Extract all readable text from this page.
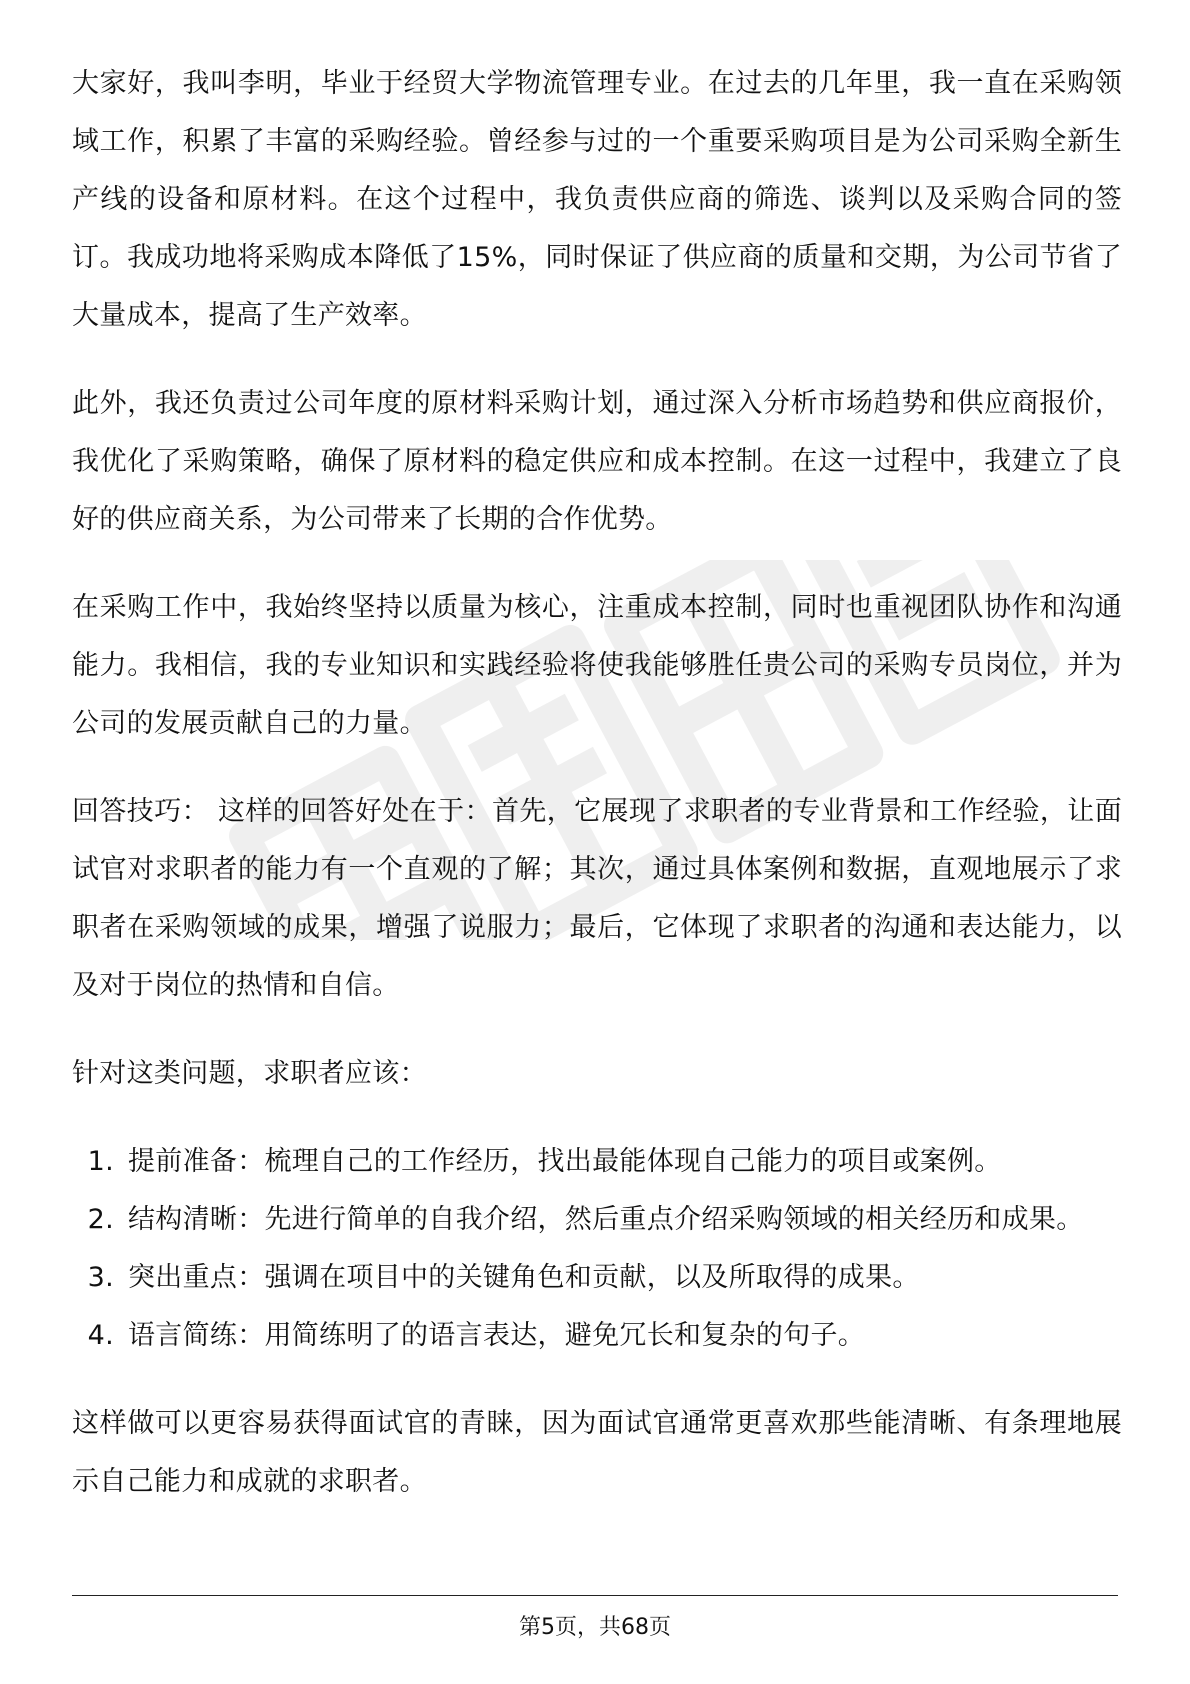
大家好，我叫李明，毕业于经贸大学物流管理专业。在过去的几年里，我一直在采购领域工作，积累了丰富的采购经验。曾经参与过的一个重要采购项目是为公司采购全新生产线的设备和原材料。在这个过程中，我负责供应商的筛选、谈判以及采购合同的签订。我成功地将采购成本降低了15%，同时保证了供应商的质量和交期，为公司节省了大量成本，提高了生产效率。

此外，我还负责过公司年度的原材料采购计划，通过深入分析市场趋势和供应商报价，我优化了采购策略，确保了原材料的稳定供应和成本控制。在这一过程中，我建立了良好的供应商关系，为公司带来了长期的合作优势。

在采购工作中，我始终坚持以质量为核心，注重成本控制，同时也重视团队协作和沟通能力。我相信，我的专业知识和实践经验将使我能够胜任贵公司的采购专员岗位，并为公司的发展贡献自己的力量。

回答技巧： 这样的回答好处在于：首先，它展现了求职者的专业背景和工作经验，让面试官对求职者的能力有一个直观的了解；其次，通过具体案例和数据，直观地展示了求职者在采购领域的成果，增强了说服力；最后，它体现了求职者的沟通和表达能力，以及对于岗位的热情和自信。

针对这类问题，求职者应该：

1. 提前准备：梳理自己的工作经历，找出最能体现自己能力的项目或案例。
2. 结构清晰：先进行简单的自我介绍，然后重点介绍采购领域的相关经历和成果。
3. 突出重点：强调在项目中的关键角色和贡献，以及所取得的成果。
4. 语言简练：用简练明了的语言表达，避免冗长和复杂的句子。

这样做可以更容易获得面试官的青睐，因为面试官通常更喜欢那些能清晰、有条理地展示自己能力和成就的求职者。

第5页，共68页
